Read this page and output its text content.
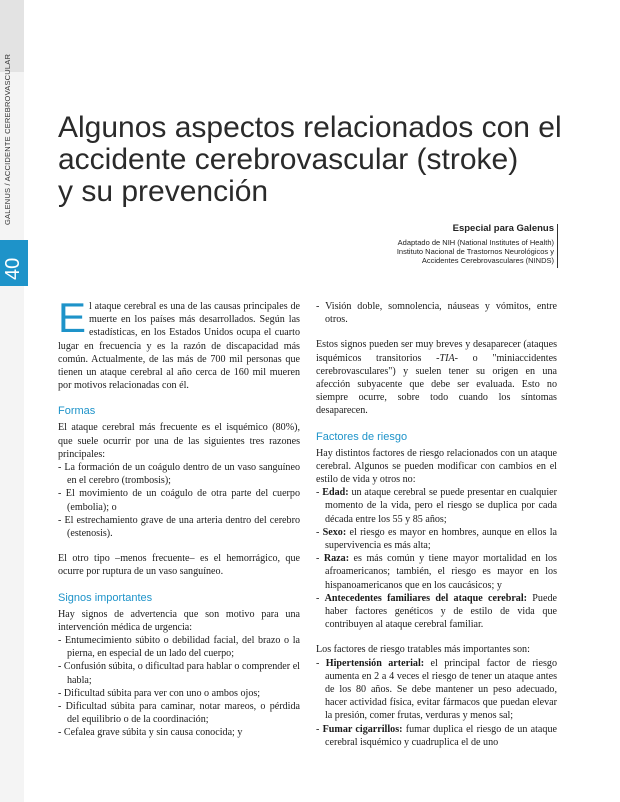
GALENUS / ACCIDENTE CEREBROVASCULAR
40
Algunos aspectos relacionados con el
accidente cerebrovascular (stroke)
y su prevención
Especial para Galenus
Adaptado de NIH (National Institutes of Health)
Instituto Nacional de Trastornos Neurológicos y
Accidentes Cerebrovasculares (NINDS)

El ataque cerebral es una de las causas principales de muerte en los países más desarrollados. Según las estadísticas, en los Estados Unidos ocupa el cuarto lugar en frecuencia y es la razón de discapacidad más común. Actualmente, de las más de 700 mil personas que tienen un ataque cerebral al año cerca de 160 mil mueren por motivos relacionadas con él.

Formas

El ataque cerebral más frecuente es el isquémico (80%), que suele ocurrir por una de las siguientes tres razones principales:

- La formación de un coágulo dentro de un vaso sanguíneo en el cerebro (trombosis);
- El movimiento de un coágulo de otra parte del cuerpo (embolia); o
- El estrechamiento grave de una arteria dentro del cerebro (estenosis).

El otro tipo –menos frecuente– es el hemorrágico, que ocurre por ruptura de un vaso sanguíneo.

Signos importantes

Hay signos de advertencia que son motivo para una intervención médica de urgencia:

- Entumecimiento súbito o debilidad facial, del brazo o la pierna, en especial de un lado del cuerpo;
- Confusión súbita, o dificultad para hablar o comprender el habla;
- Dificultad súbita para ver con uno o ambos ojos;
- Dificultad súbita para caminar, notar mareos, o pérdida del equilibrio o de la coordinación;
- Cefalea grave súbita y sin causa conocida; y
- Visión doble, somnolencia, náuseas y vómitos, entre otros.

Estos signos pueden ser muy breves y desaparecer (ataques isquémicos transitorios -TIA- o "miniaccidentes cerebrovasculares") y suelen tener su origen en una afección subyacente que debe ser evaluada. Esto no siempre ocurre, sobre todo cuando los síntomas desaparecen.

Factores de riesgo

Hay distintos factores de riesgo relacionados con un ataque cerebral. Algunos se pueden modificar con cambios en el estilo de vida y otros no:

- Edad: un ataque cerebral se puede presentar en cualquier momento de la vida, pero el riesgo se duplica por cada década entre los 55 y 85 años;
- Sexo: el riesgo es mayor en hombres, aunque en ellos la supervivencia es más alta;
- Raza: es más común y tiene mayor mortalidad en los afroamericanos; también, el riesgo es mayor en los hispanoamericanos que en los caucásicos; y
- Antecedentes familiares del ataque cerebral: Puede haber factores genéticos y de estilo de vida que contribuyen al ataque cerebral familiar.

Los factores de riesgo tratables más importantes son:

- Hipertensión arterial: el principal factor de riesgo aumenta en 2 a 4 veces el riesgo de tener un ataque antes de los 80 años. Se debe mantener un peso adecuado, hacer actividad física, evitar fármacos que puedan elevar la presión, comer frutas, verduras y menos sal;
- Fumar cigarrillos: fumar duplica el riesgo de un ataque cerebral isquémico y cuadruplica el de uno
